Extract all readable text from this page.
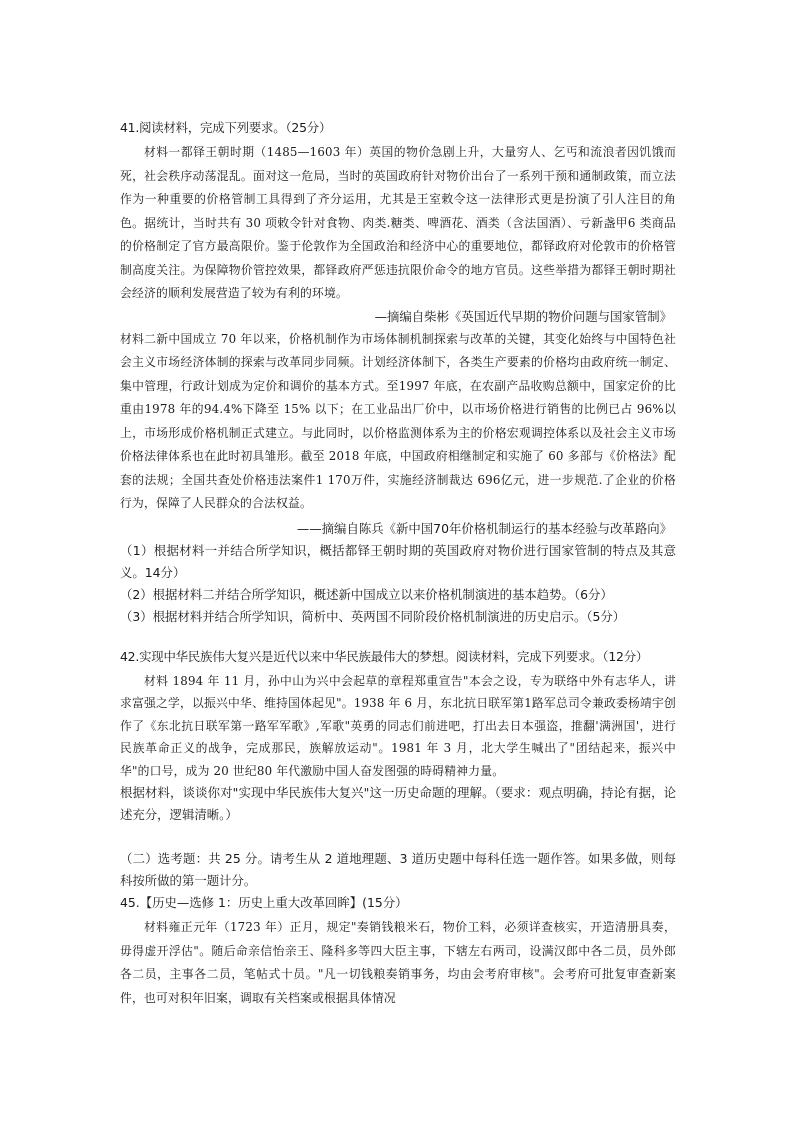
41.阅读材料，完成下列要求。（25分）

材料一都铎王朝时期（1485—1603 年）英国的物价急剧上升，大量穷人、乞丐和流浪者因饥饿而死，社会秩序动荡混乱。面对这一危局，当时的英国政府针对物价出台了一系列干预和通制政策，而立法作为一种重要的价格管制工具得到了齐分运用，尤其是王室敕令这一法律形式更是扮演了引人注目的角色。据统计，当时共有 30 项敕令针对食物、肉类.糖类、啤酒花、酒类（含法国酒）、亏新盏甲6 类商品的价格制定了官方最高限价。鉴于伦敦作为全国政治和经济中心的重要地位，都铎政府对伦敦市的价格管制高度关注。为保障物价管控效果，都铎政府严惩违抗限价命令的地方官员。这些举措为都铎王朝时期社会经济的顺利发展营造了较为有利的环境。

—摘编自柴彬《英国近代早期的物价问题与国家管制》

材料二新中国成立 70 年以来，价格机制作为市场体制机制探索与改革的关键，其变化始终与中国特色社会主义市场经济体制的探索与改革同步同频。计划经济体制下，各类生产要素的价格均由政府统一制定、集中管理，行政计划成为定价和调价的基本方式。至1997 年底，在农副产品收购总额中，国家定价的比重由1978 年的94.4%下降至 15% 以下；在工业品出厂价中，以市场价格进行销售的比例已占 96%以上，市场形成价格机制正式建立。与此同时，以价格监测体系为主的价格宏观调控体系以及社会主义市场价格法律体系也在此时初具雏形。截至 2018 年底，中国政府相继制定和实施了 60 多部与《价格法》配套的法规；全国共查处价格违法案件1 170万件，实施经济制裁达 696亿元，进一步规范.了企业的价格行为，保障了人民群众的合法权益。

——摘编自陈兵《新中国70年价格机制运行的基本经验与改革路向》

（1）根据材料一并结合所学知识，概括都铎王朝时期的英国政府对物价进行国家管制的特点及其意义。14分）

（2）根据材料二并结合所学知识，概述新中国成立以来价格机制演进的基本趋势。（6分）

（3）根据材料并结合所学知识，简析中、英两国不同阶段价格机制演进的历史启示。（5分）

42.实现中华民族伟大复兴是近代以来中华民族最伟大的梦想。阅读材料，完成下列要求。（12分）

材料 1894 年 11 月，孙中山为兴中会起草的章程郑重宣告"本会之设，专为联络中外有志华人，讲求富强之学，以振兴中华、维持国体起见"。1938 年 6 月，东北抗日联军第1路军总司令兼政委杨靖宇创作了《东北抗日联军第一路军军歌》,军歌"英勇的同志们前进吧，打出去日本强盗，推翻'满洲国'，进行民族革命正义的战争，完成那民，族解放运动"。1981 年 3 月，北大学生喊出了"团结起来，振兴中华"的口号，成为 20 世纪80 年代激励中国人奋发图强的時碍精神力量。

根据材料，谈谈你对"实现中华民族伟大复兴"这一历史命题的理解。（要求：观点明确，持论有据，论述充分，逻辑清晰。）

（二）选考题：共 25 分。请考生从 2 道地理题、3 道历史题中每科任选一题作答。如果多做，则每科按所做的第一题计分。

45.【历史—选修 1：历史上重大改革回眸】(15分）

材料雍正元年（1723 年）正月，规定"奏销钱粮米石，物价工料，必须详查核实，开造清册具奏，毋得虚开浮估"。随后命亲信怡亲王、隆科多等四大臣主事，下辖左右两司，设满汉郎中各二员，员外郎各二员，主事各二员，笔帖式十员。"凡一切钱粮奏销事务，均由会考府审核"。会考府可批复审查新案件，也可对积年旧案，调取有关档案或根据具体情况
